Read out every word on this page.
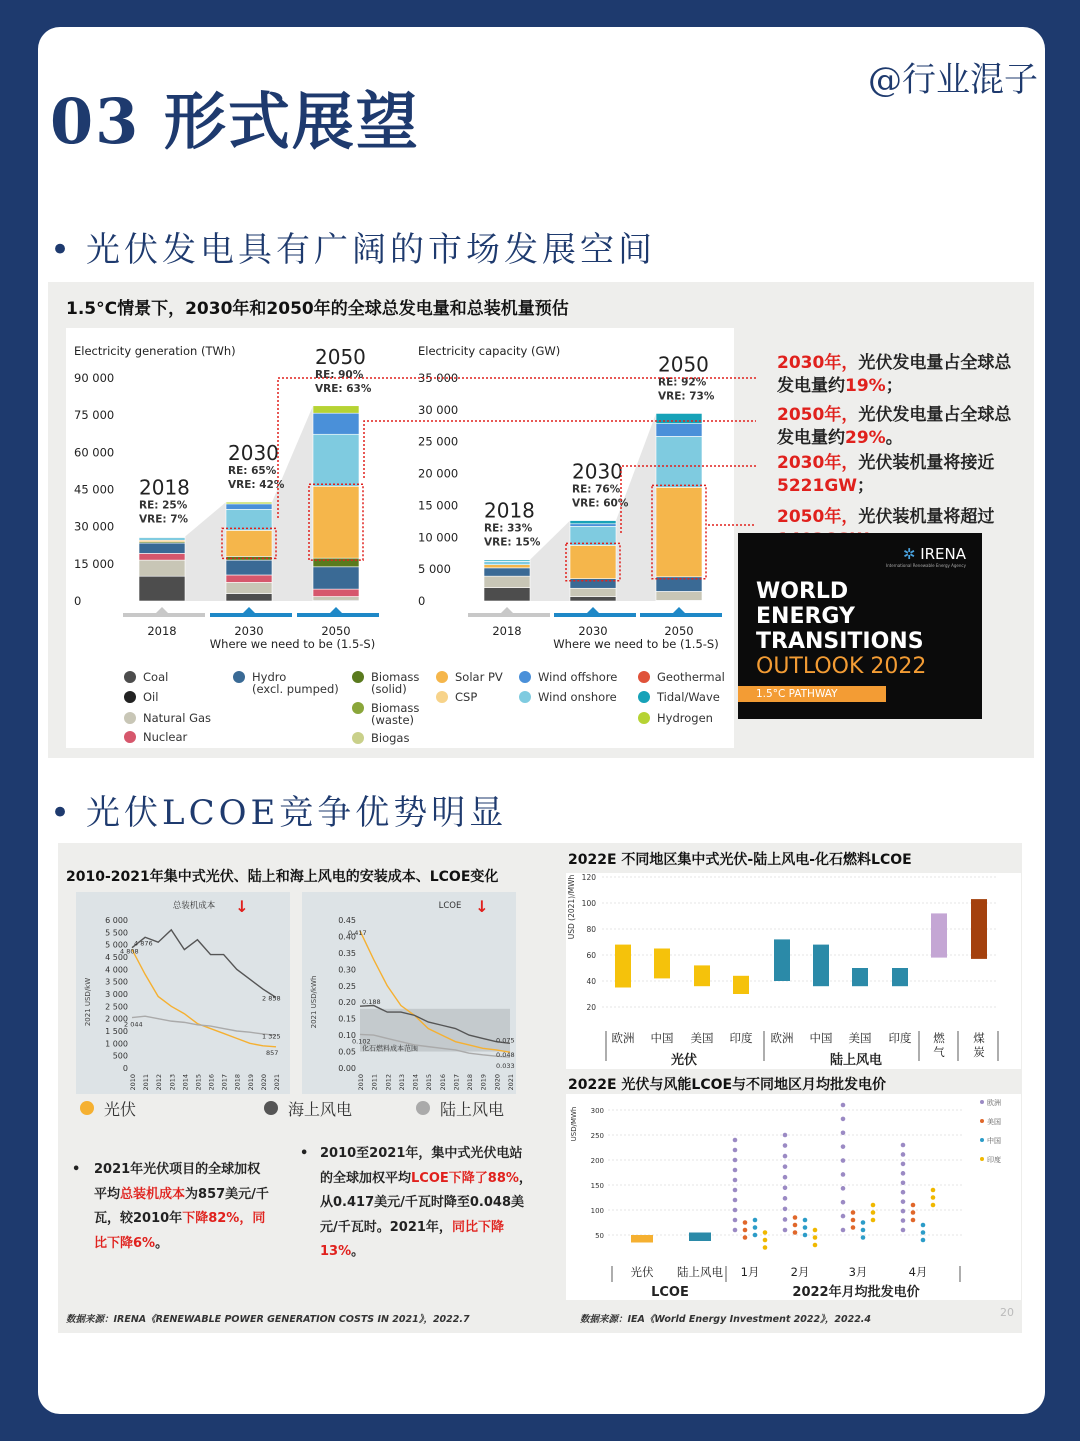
@行业混子
03 形式展望
• 光伏发电具有广阔的市场发展空间
1.5°C情景下，2030年和2050年的全球总发电量和总装机量预估
Electricity generation (TWh)
0
15 000
30 000
45 000
60 000
75 000
90 000
2018
RE: 25%
VRE: 7%
2018
2030
RE: 65%
VRE: 42%
2030
2050
RE: 90%
VRE: 63%
2050
Where we need to be (1.5-S)
Electricity capacity (GW)
0
5 000
10 000
15 000
20 000
25 000
30 000
35 000
2018
RE: 33%
VRE: 15%
2018
2030
RE: 76%
VRE: 60%
2030
2050
RE: 92%
VRE: 73%
2050
Where we need to be (1.5-S)
Coal
Oil
Natural Gas
Nuclear
Hydro
(excl. pumped)
Biomass
(solid)
Biomass
(waste)
Biogas
Solar PV
CSP
Wind offshore
Wind onshore
Geothermal
Tidal/Wave
Hydrogen
2030年，光伏发电量占全球总发电量约19%；
2050年，光伏发电量占全球总发电量约29%。
2030年，光伏装机量将接近5221GW；
2050年，光伏装机量将超过
✲ IRENA
International Renewable Energy Agency
WORLD
ENERGY
TRANSITIONS
OUTLOOK 2022
1.5°C PATHWAY
• 光伏LCOE竞争优势明显
2010-2021年集中式光伏、陆上和海上风电的安装成本、LCOE变化
2022E 不同地区集中式光伏-陆上风电-化石燃料LCOE
2022E 光伏与风能LCOE与不同地区月均批发电价
总装机成本 ↓
2021 USD/kW
0
500
1 000
1 500
2 000
2 500
3 000
3 500
4 000
4 500
5 000
5 500
6 000
2010 2011 2012 2013 2014 2015 2016 2017 2018 2019 2020 2021
4 808
4 876
2 044
2 858
1 325
857
LCOE ↓
2021 USD/kWh
0.00
0.05
0.10
0.15
0.20
0.25
0.30
0.35
0.40
0.45
化石燃料成本范围
2010 2011 2012 2013 2014 2015 2016 2017 2018 2019 2020 2021
0.417
0.188
0.102	0.075
0.048
0.033
光伏	海上风电	陆上风电
20
40
60
80
100
120
USD (2021)/MWh
欧洲 中国 美国 印度 欧洲 中国 美国 印度 燃
气
煤
炭
光伏	陆上风电
50
100
150
200
250
300
USD/MWh
光伏 陆上风电 1月	2月	3月	4月
LCOE	2022年月均批发电价
欧洲
美国
中国
印度
•	2021年光伏项目的全球加权平均总装机成本为857美元/千瓦，较2010年下降82%，同比下降6%。
• 2010至2021年，集中式光伏电站的全球加权平均LCOE下降了88%，从0.417美元/千瓦时降至0.048美元/千瓦时。2021年，同比下降13%。
数据来源：IRENA《RENEWABLE POWER GENERATION COSTS IN 2021》，2022.7	数据来源：IEA《World Energy Investment 2022》，2022.4
20
